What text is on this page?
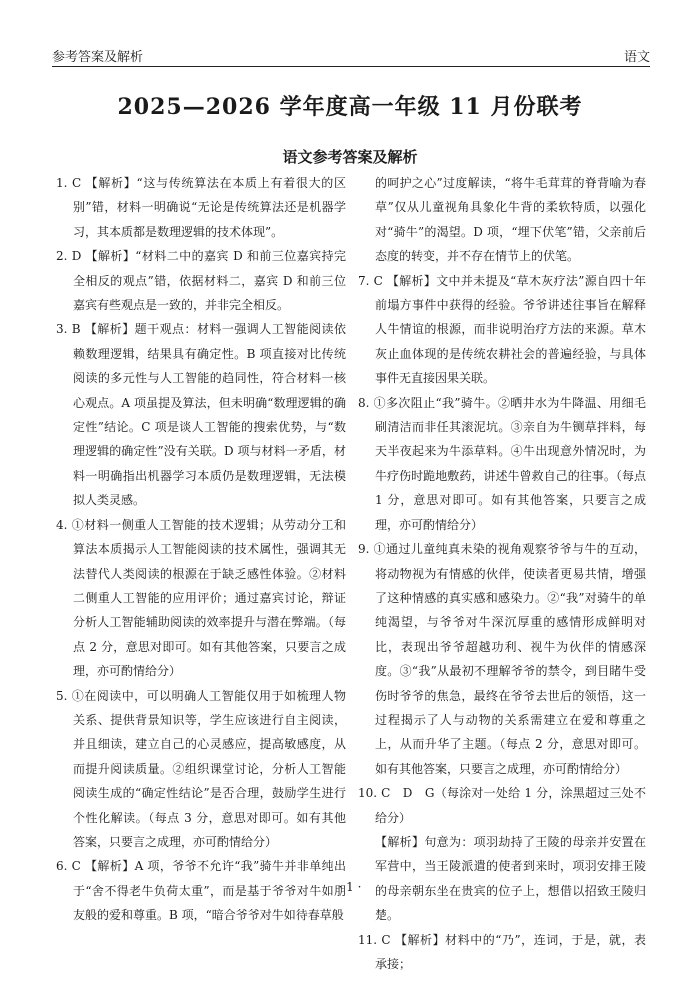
参考答案及解析	语文
2025—2026 学年度高一年级 11 月份联考
语文参考答案及解析

1. C 【解析】“这与传统算法在本质上有着很大的区别”错，材料一明确说“无论是传统算法还是机器学习，其本质都是数理逻辑的技术体现”。

2. D 【解析】“材料二中的嘉宾 D 和前三位嘉宾持完全相反的观点”错，依据材料二，嘉宾 D 和前三位嘉宾有些观点是一致的，并非完全相反。

3. B 【解析】题干观点：材料一强调人工智能阅读依赖数理逻辑，结果具有确定性。B 项直接对比传统阅读的多元性与人工智能的趋同性，符合材料一核心观点。A 项虽提及算法，但未明确“数理逻辑的确定性”结论。C 项是谈人工智能的搜索优势，与“数理逻辑的确定性”没有关联。D 项与材料一矛盾，材料一明确指出机器学习本质仍是数理逻辑，无法模拟人类灵感。

4. ①材料一侧重人工智能的技术逻辑；从劳动分工和算法本质揭示人工智能阅读的技术属性，强调其无法替代人类阅读的根源在于缺乏感性体验。②材料二侧重人工智能的应用评价；通过嘉宾讨论，辩证分析人工智能辅助阅读的效率提升与潜在弊端。（每点 2 分，意思对即可。如有其他答案，只要言之成理，亦可酌情给分）

5. ①在阅读中，可以明确人工智能仅用于如梳理人物关系、提供背景知识等，学生应该进行自主阅读，并且细读，建立自己的心灵感应，提高敏感度，从而提升阅读质量。②组织课堂讨论，分析人工智能阅读生成的“确定性结论”是否合理，鼓励学生进行个性化解读。（每点 3 分，意思对即可。如有其他答案，只要言之成理，亦可酌情给分）

6. C 【解析】A 项，爷爷不允许“我”骑牛并非单纯出于“舍不得老牛负荷太重”，而是基于爷爷对牛如朋友般的爱和尊重。B 项，“暗合爷爷对牛如待春草般

的呵护之心”过度解读，“将牛毛茸茸的脊背喻为春草”仅从儿童视角具象化牛背的柔软特质，以强化对“骑牛”的渴望。D 项，“埋下伏笔”错，父亲前后态度的转变，并不存在情节上的伏笔。

7. C 【解析】文中并未提及“草木灰疗法”源自四十年前塌方事件中获得的经验。爷爷讲述往事旨在解释人牛情谊的根源，而非说明治疗方法的来源。草木灰止血体现的是传统农耕社会的普遍经验，与具体事件无直接因果关联。

8. ①多次阻止“我”骑牛。②晒井水为牛降温、用细毛刷清洁而非任其滚泥坑。③亲自为牛铡草拌料，每天半夜起来为牛添草料。④牛出现意外情况时，为牛疗伤时跪地敷药，讲述牛曾救自己的往事。（每点 1 分，意思对即可。如有其他答案，只要言之成理，亦可酌情给分）

9. ①通过儿童纯真未染的视角观察爷爷与牛的互动，将动物视为有情感的伙伴，使读者更易共情，增强了这种情感的真实感和感染力。②“我”对骑牛的单纯渴望，与爷爷对牛深沉厚重的感情形成鲜明对比，表现出爷爷超越功利、视牛为伙伴的情感深度。③“我”从最初不理解爷爷的禁令，到目睹牛受伤时爷爷的焦急，最终在爷爷去世后的领悟，这一过程揭示了人与动物的关系需建立在爱和尊重之上，从而升华了主题。（每点 2 分，意思对即可。如有其他答案，只要言之成理，亦可酌情给分）

10. C　D　G（每涂对一处给 1 分，涂黑超过三处不给分）

【解析】句意为：项羽劫持了王陵的母亲并安置在军营中，当王陵派遣的使者到来时，项羽安排王陵的母亲朝东坐在贵宾的位子上，想借以招致王陵归楚。

11. C 【解析】材料中的“乃”，连词，于是，就，表承接；

· 1 ·
